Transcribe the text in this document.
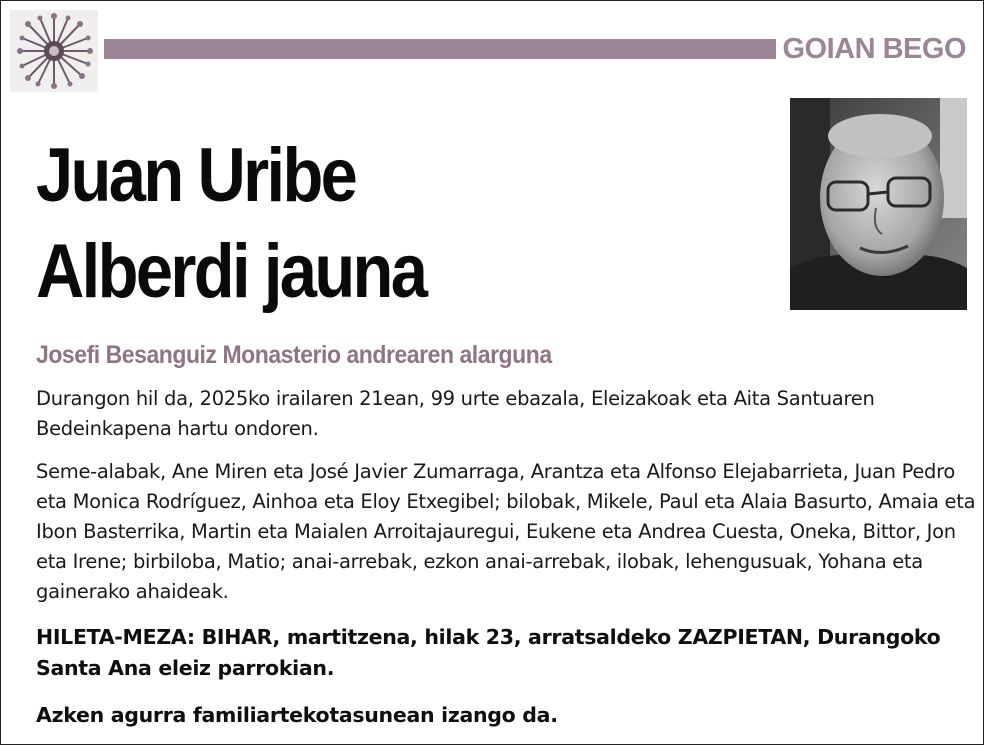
GOIAN BEGO
Juan Uribe
Alberdi jauna
Josefi Besanguiz Monasterio andrearen alarguna
Durangon hil da, 2025ko irailaren 21ean, 99 urte ebazala, Eleizakoak eta Aita Santuaren Bedeinkapena hartu ondoren.
Seme-alabak, Ane Miren eta José Javier Zumarraga, Arantza eta Alfonso Elejabarrieta, Juan Pedro eta Monica Rodríguez, Ainhoa eta Eloy Etxegibel; bilobak, Mikele, Paul eta Alaia Basurto, Amaia eta Ibon Basterrika, Martin eta Maialen Arroitajauregui, Eukene eta Andrea Cuesta, Oneka, Bittor, Jon eta Irene; birbiloba, Matio; anai-arrebak, ezkon anai-arrebak, ilobak, lehengusuak, Yohana eta gainerako ahaideak.
HILETA-MEZA: BIHAR, martitzena, hilak 23, arratsaldeko ZAZPIETAN, Durangoko Santa Ana eleiz parrokian.
Azken agurra familiartekotasunean izango da.
